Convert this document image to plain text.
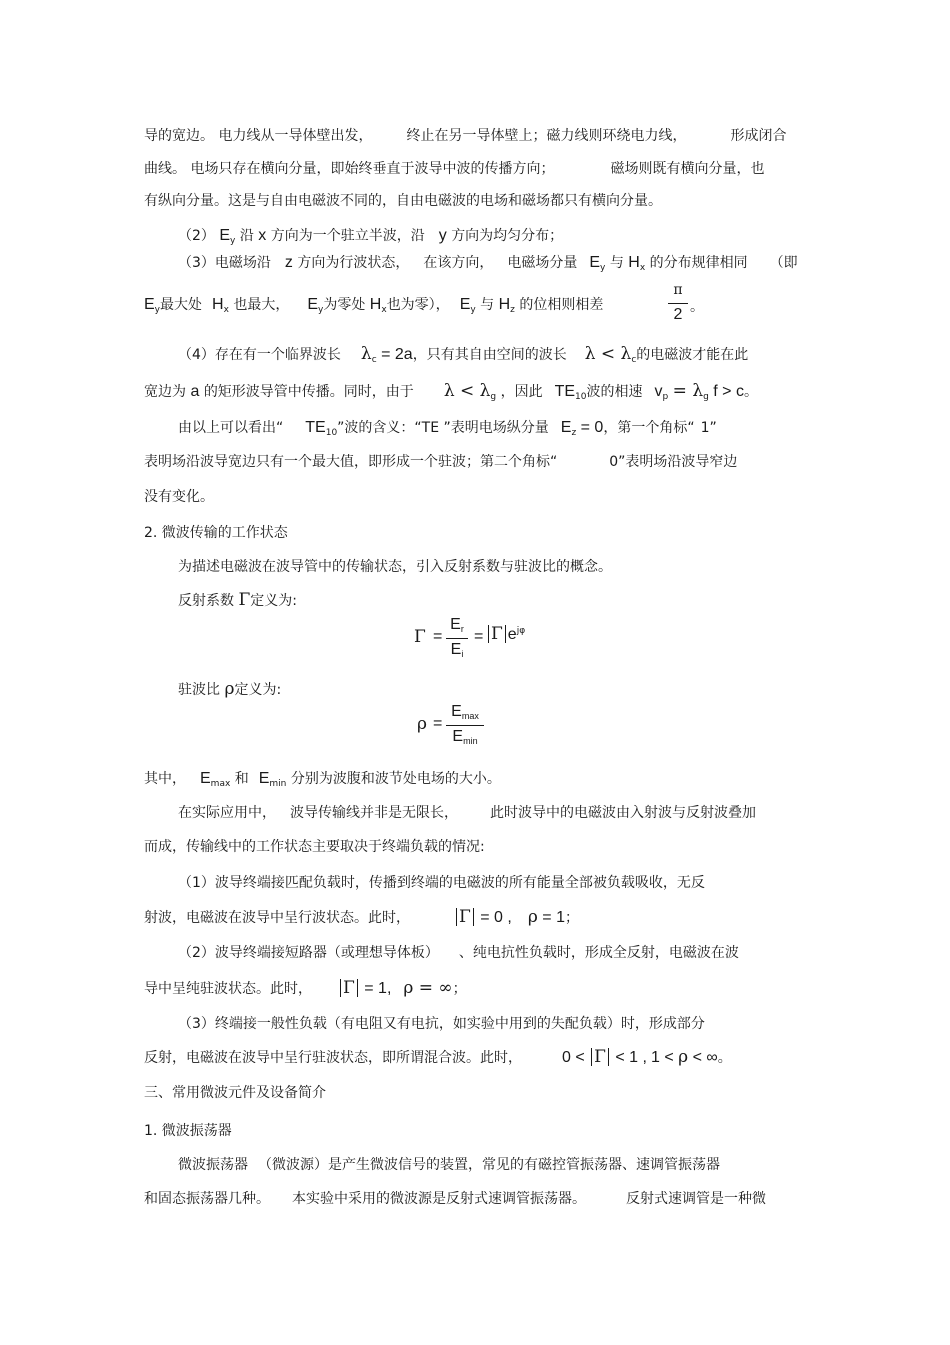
导的宽边。 电力线从一导体壁出发， 终止在另一导体壁上；磁力线则环绕电力线，	形成闭合
曲线。 电场只存在横向分量，即始终垂直于波导中波的传播方向；	磁场则既有横向分量，也
有纵向分量。这是与自由电磁波不同的，自由电磁波的电场和磁场都只有横向分量。
（2） $E_y$ 沿 x 方向为一个驻立半波，沿 y 方向为均匀分布；
（3）电磁场沿 z 方向为行波状态， 在该方向， 电磁场分量 $E_y$ 与 $H_x$ 的分布规律相同 （即
$E_y$最大处 $H_x$ 也最大， $E_y$为零处 $H_x$也为零）， $E_y$ 与 $H_z$ 的位相则相差
π
2 。
（4）存在有一个临界波长 $\lambda_c = 2a$，只有其自由空间的波长 $\lambda < \lambda_c$的电磁波才能在此
宽边为 a 的矩形波导管中传播。同时，由于 $\lambda < \lambda_g$ ，因此 $TE_{10}$波的相速 $v_p = \lambda_g$ f > c。
由以上可以看出“ $TE_{10}$”波的含义：“TE ”表明电场纵分量 $E_z = 0$，第一个角标“ 1”
表明场沿波导宽边只有一个最大值，即形成一个驻波；第二个角标“	0”表明场沿波导窄边
没有变化。
2. 微波传输的工作状态
为描述电磁波在波导管中的传输状态，引入反射系数与驻波比的概念。
反射系数 Γ定义为:
Γ =
$E_r$
$E_i$
= Γ $e^{j\varphi}$
驻波比 ρ定义为:
ρ =
$E_{max}$
$E_{min}$
其中， $E_{max}$ 和 $E_{min}$ 分别为波腹和波节处电场的大小。
在实际应用中， 波导传输线并非是无限长， 此时波导中的电磁波由入射波与反射波叠加
而成，传输线中的工作状态主要取决于终端负载的情况:
（1）波导终端接匹配负载时，传播到终端的电磁波的所有能量全部被负载吸收，无反
射波，电磁波在波导中呈行波状态。此时，	Γ = 0 , ρ = 1；
（2）波导终端接短路器（或理想导体板） 、纯电抗性负载时，形成全反射，电磁波在波
导中呈纯驻波状态。此时， Γ = 1, ρ = ∞；
（3）终端接一般性负载（有电阻又有电抗，如实验中用到的失配负载）时，形成部分
反射，电磁波在波导中呈行驻波状态，即所谓混合波。此时，	0 < Γ < 1 , 1 < ρ < ∞。
三、常用微波元件及设备简介
1. 微波振荡器
微波振荡器 （微波源）是产生微波信号的装置，常见的有磁控管振荡器、速调管振荡器
和固态振荡器几种。 本实验中采用的微波源是反射式速调管振荡器。	反射式速调管是一种微
